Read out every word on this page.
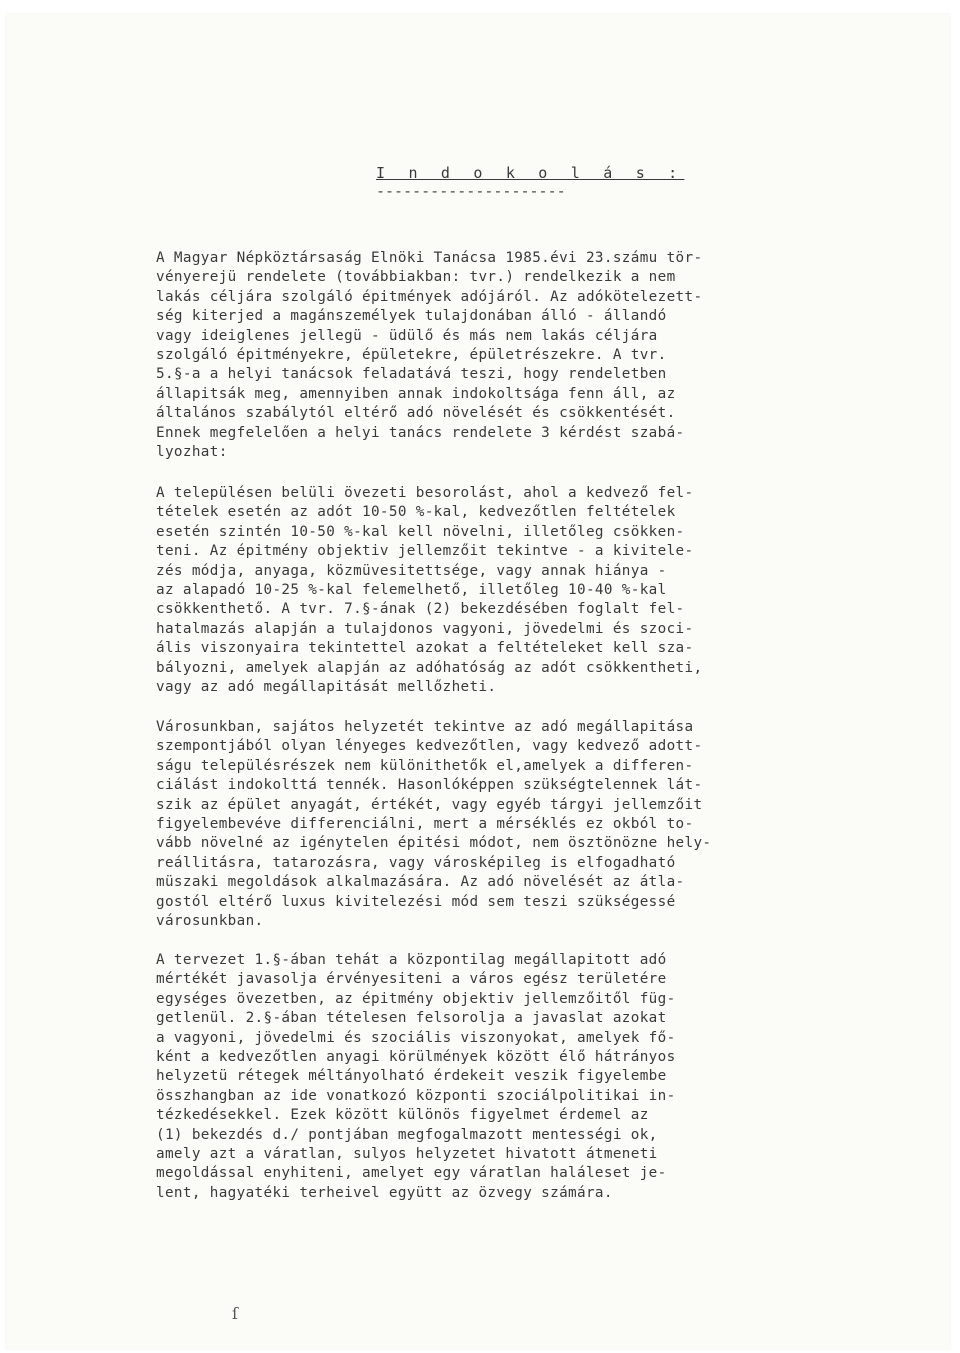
I n d o k o l á s :
---------------------
A Magyar Népköztársaság Elnöki Tanácsa 1985.évi 23.számu tör-
vényerejü rendelete (továbbiakban: tvr.) rendelkezik a nem
lakás céljára szolgáló épitmények adójáról. Az adókötelezett-
ség kiterjed a magánszemélyek tulajdonában álló - állandó
vagy ideiglenes jellegü - üdülő és más nem lakás céljára
szolgáló épitményekre, épületekre, épületrészekre. A tvr.
5.§-a a helyi tanácsok feladatává teszi, hogy rendeletben
állapitsák meg, amennyiben annak indokoltsága fenn áll, az
általános szabálytól eltérő adó növelését és csökkentését.
Ennek megfelelően a helyi tanács rendelete 3 kérdést szabá-
lyozhat:
A településen belüli övezeti besorolást, ahol a kedvező fel-
tételek esetén az adót 10-50 %-kal, kedvezőtlen feltételek
esetén szintén 10-50 %-kal kell növelni, illetőleg csökken-
teni. Az épitmény objektiv jellemzőit tekintve - a kivitele-
zés módja, anyaga, közmüvesitettsége, vagy annak hiánya -
az alapadó 10-25 %-kal felemelhető, illetőleg 10-40 %-kal
csökkenthető. A tvr. 7.§-ának (2) bekezdésében foglalt fel-
hatalmazás alapján a tulajdonos vagyoni, jövedelmi és szoci-
ális viszonyaira tekintettel azokat a feltételeket kell sza-
bályozni, amelyek alapján az adóhatóság az adót csökkentheti,
vagy az adó megállapitását mellőzheti.
Városunkban, sajátos helyzetét tekintve az adó megállapitása
szempontjából olyan lényeges kedvezőtlen, vagy kedvező adott-
ságu településrészek nem különithetők el,amelyek a differen-
ciálást indokolttá tennék. Hasonlóképpen szükségtelennek lát-
szik az épület anyagát, értékét, vagy egyéb tárgyi jellemzőit
figyelembevéve differenciálni, mert a mérséklés ez okból to-
vább növelné az igénytelen épitési módot, nem ösztönözne hely-
reállitásra, tatarozásra, vagy városképileg is elfogadható
müszaki megoldások alkalmazására. Az adó növelését az átla-
gostól eltérő luxus kivitelezési mód sem teszi szükségessé
városunkban.
A tervezet 1.§-ában tehát a központilag megállapitott adó
mértékét javasolja érvényesiteni a város egész területére
egységes övezetben, az épitmény objektiv jellemzőitől füg-
getlenül. 2.§-ában tételesen felsorolja a javaslat azokat
a vagyoni, jövedelmi és szociális viszonyokat, amelyek fő-
ként a kedvezőtlen anyagi körülmények között élő hátrányos
helyzetü rétegek méltányolható érdekeit veszik figyelembe
összhangban az ide vonatkozó központi szociálpolitikai in-
tézkedésekkel. Ezek között különös figyelmet érdemel az
(1) bekezdés d./ pontjában megfogalmazott mentességi ok,
amely azt a váratlan, sulyos helyzetet hivatott átmeneti
megoldással enyhiteni, amelyet egy váratlan haláleset je-
lent, hagyatéki terheivel együtt az özvegy számára.
ſ
